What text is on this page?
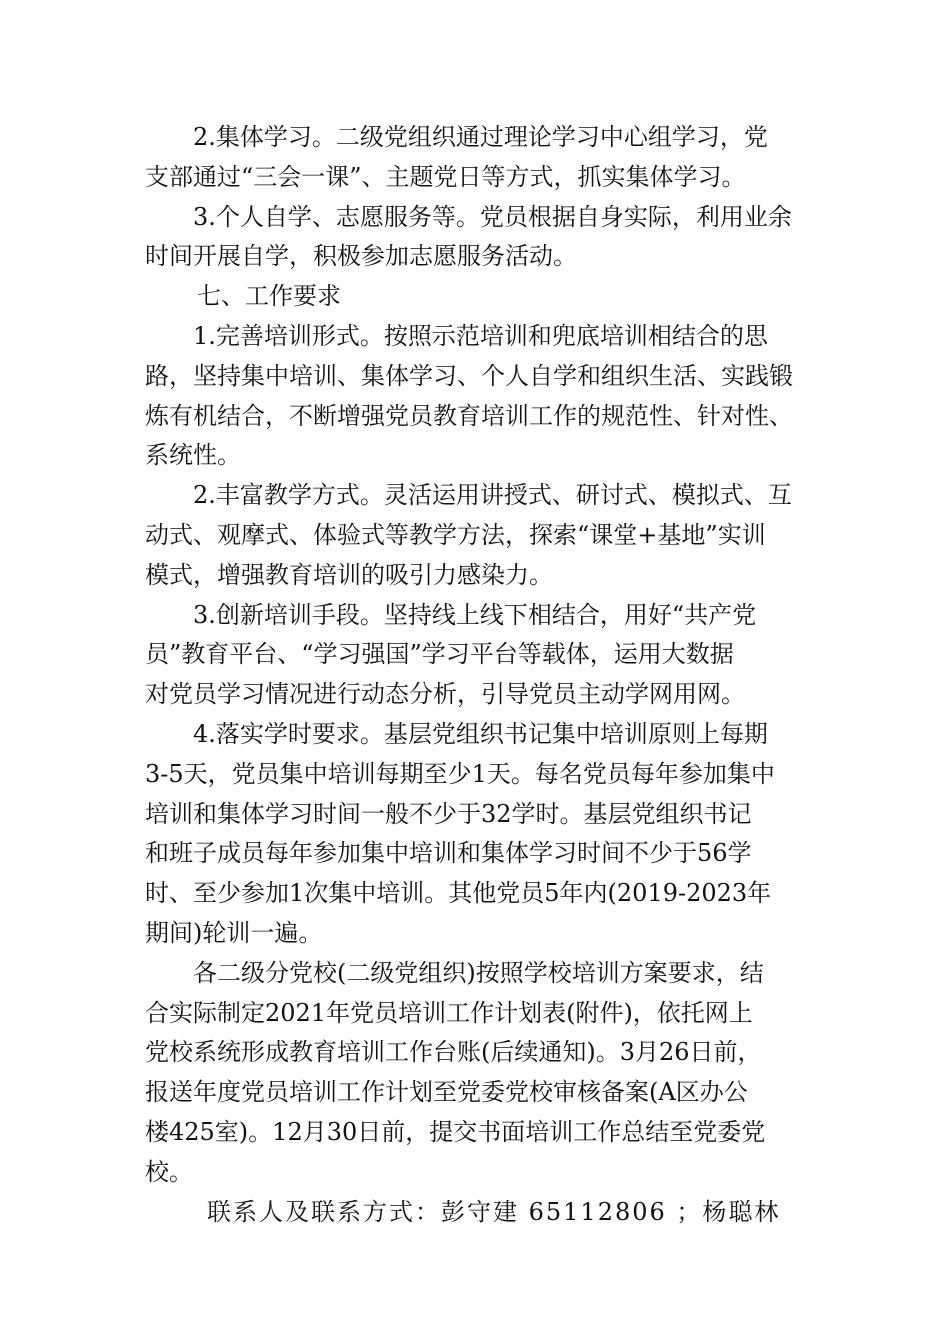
　　2.集体学习。二级党组织通过理论学习中心组学习，党
支部通过“三会一课”、主题党日等方式，抓实集体学习。

　　3.个人自学、志愿服务等。党员根据自身实际，利用业余
时间开展自学，积极参加志愿服务活动。

七、工作要求

　　1.完善培训形式。按照示范培训和兜底培训相结合的思
路，坚持集中培训、集体学习、个人自学和组织生活、实践锻
炼有机结合，不断增强党员教育培训工作的规范性、针对性、
系统性。

　　2.丰富教学方式。灵活运用讲授式、研讨式、模拟式、互
动式、观摩式、体验式等教学方法，探索“课堂+基地”实训
模式，增强教育培训的吸引力感染力。

　　3.创新培训手段。坚持线上线下相结合，用好“共产党
员”教育平台、“学习强国”学习平台等载体，运用大数据
对党员学习情况进行动态分析，引导党员主动学网用网。

　　4.落实学时要求。基层党组织书记集中培训原则上每期
3-5天，党员集中培训每期至少1天。每名党员每年参加集中
培训和集体学习时间一般不少于32学时。基层党组织书记
和班子成员每年参加集中培训和集体学习时间不少于56学
时、至少参加1次集中培训。其他党员5年内(2019-2023年
期间)轮训一遍。

　　各二级分党校(二级党组织)按照学校培训方案要求，结
合实际制定2021年党员培训工作计划表(附件)，依托网上
党校系统形成教育培训工作台账(后续通知)。3月26日前，
报送年度党员培训工作计划至党委党校审核备案(A区办公
楼425室)。12月30日前，提交书面培训工作总结至党委党
校。

联系人及联系方式：彭守建 65112806 ；杨聪林
